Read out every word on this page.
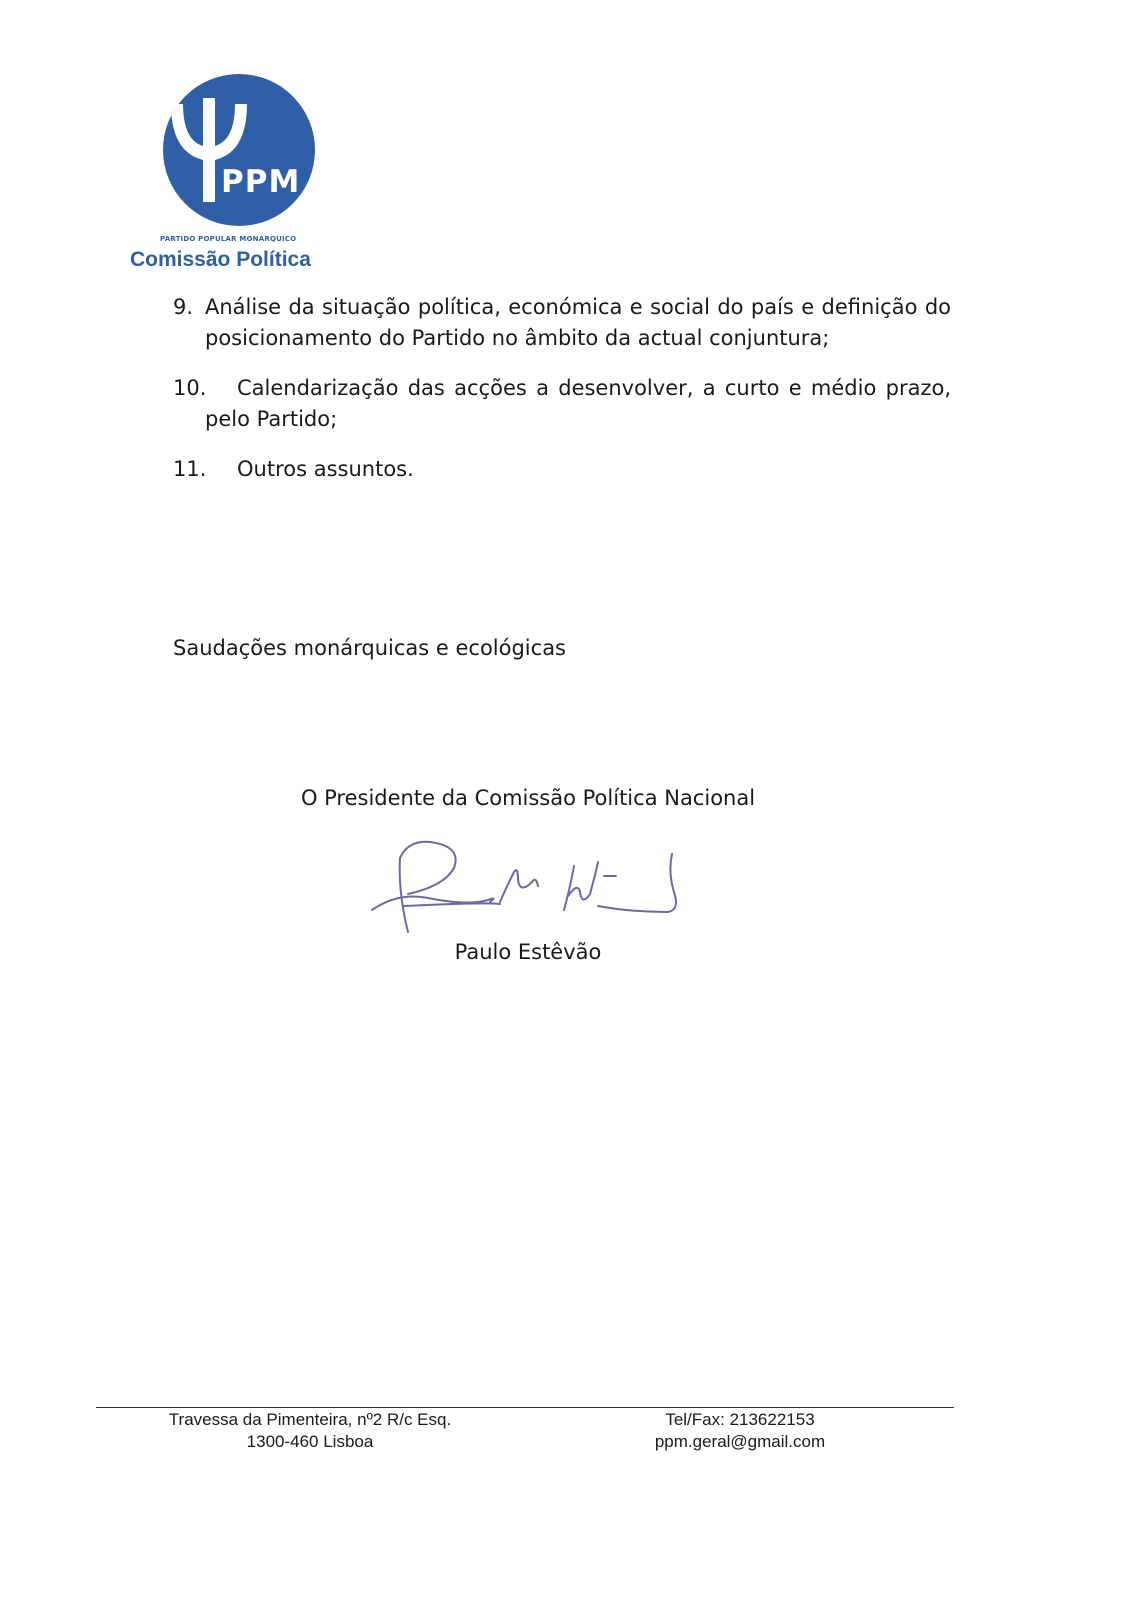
PPM
PARTIDO POPULAR MONÁRQUICO
Comissão Política
9. Análise da situação política, económica e social do país e definição do posicionamento do Partido no âmbito da actual conjuntura;
10.	Calendarização das acções a desenvolver, a curto e médio prazo, pelo Partido;
11.	Outros assuntos.
Saudações monárquicas e ecológicas
O Presidente da Comissão Política Nacional
Paulo Estêvão
Travessa da Pimenteira, nº2 R/c Esq.
1300-460 Lisboa
Tel/Fax: 213622153
ppm.geral@gmail.com
